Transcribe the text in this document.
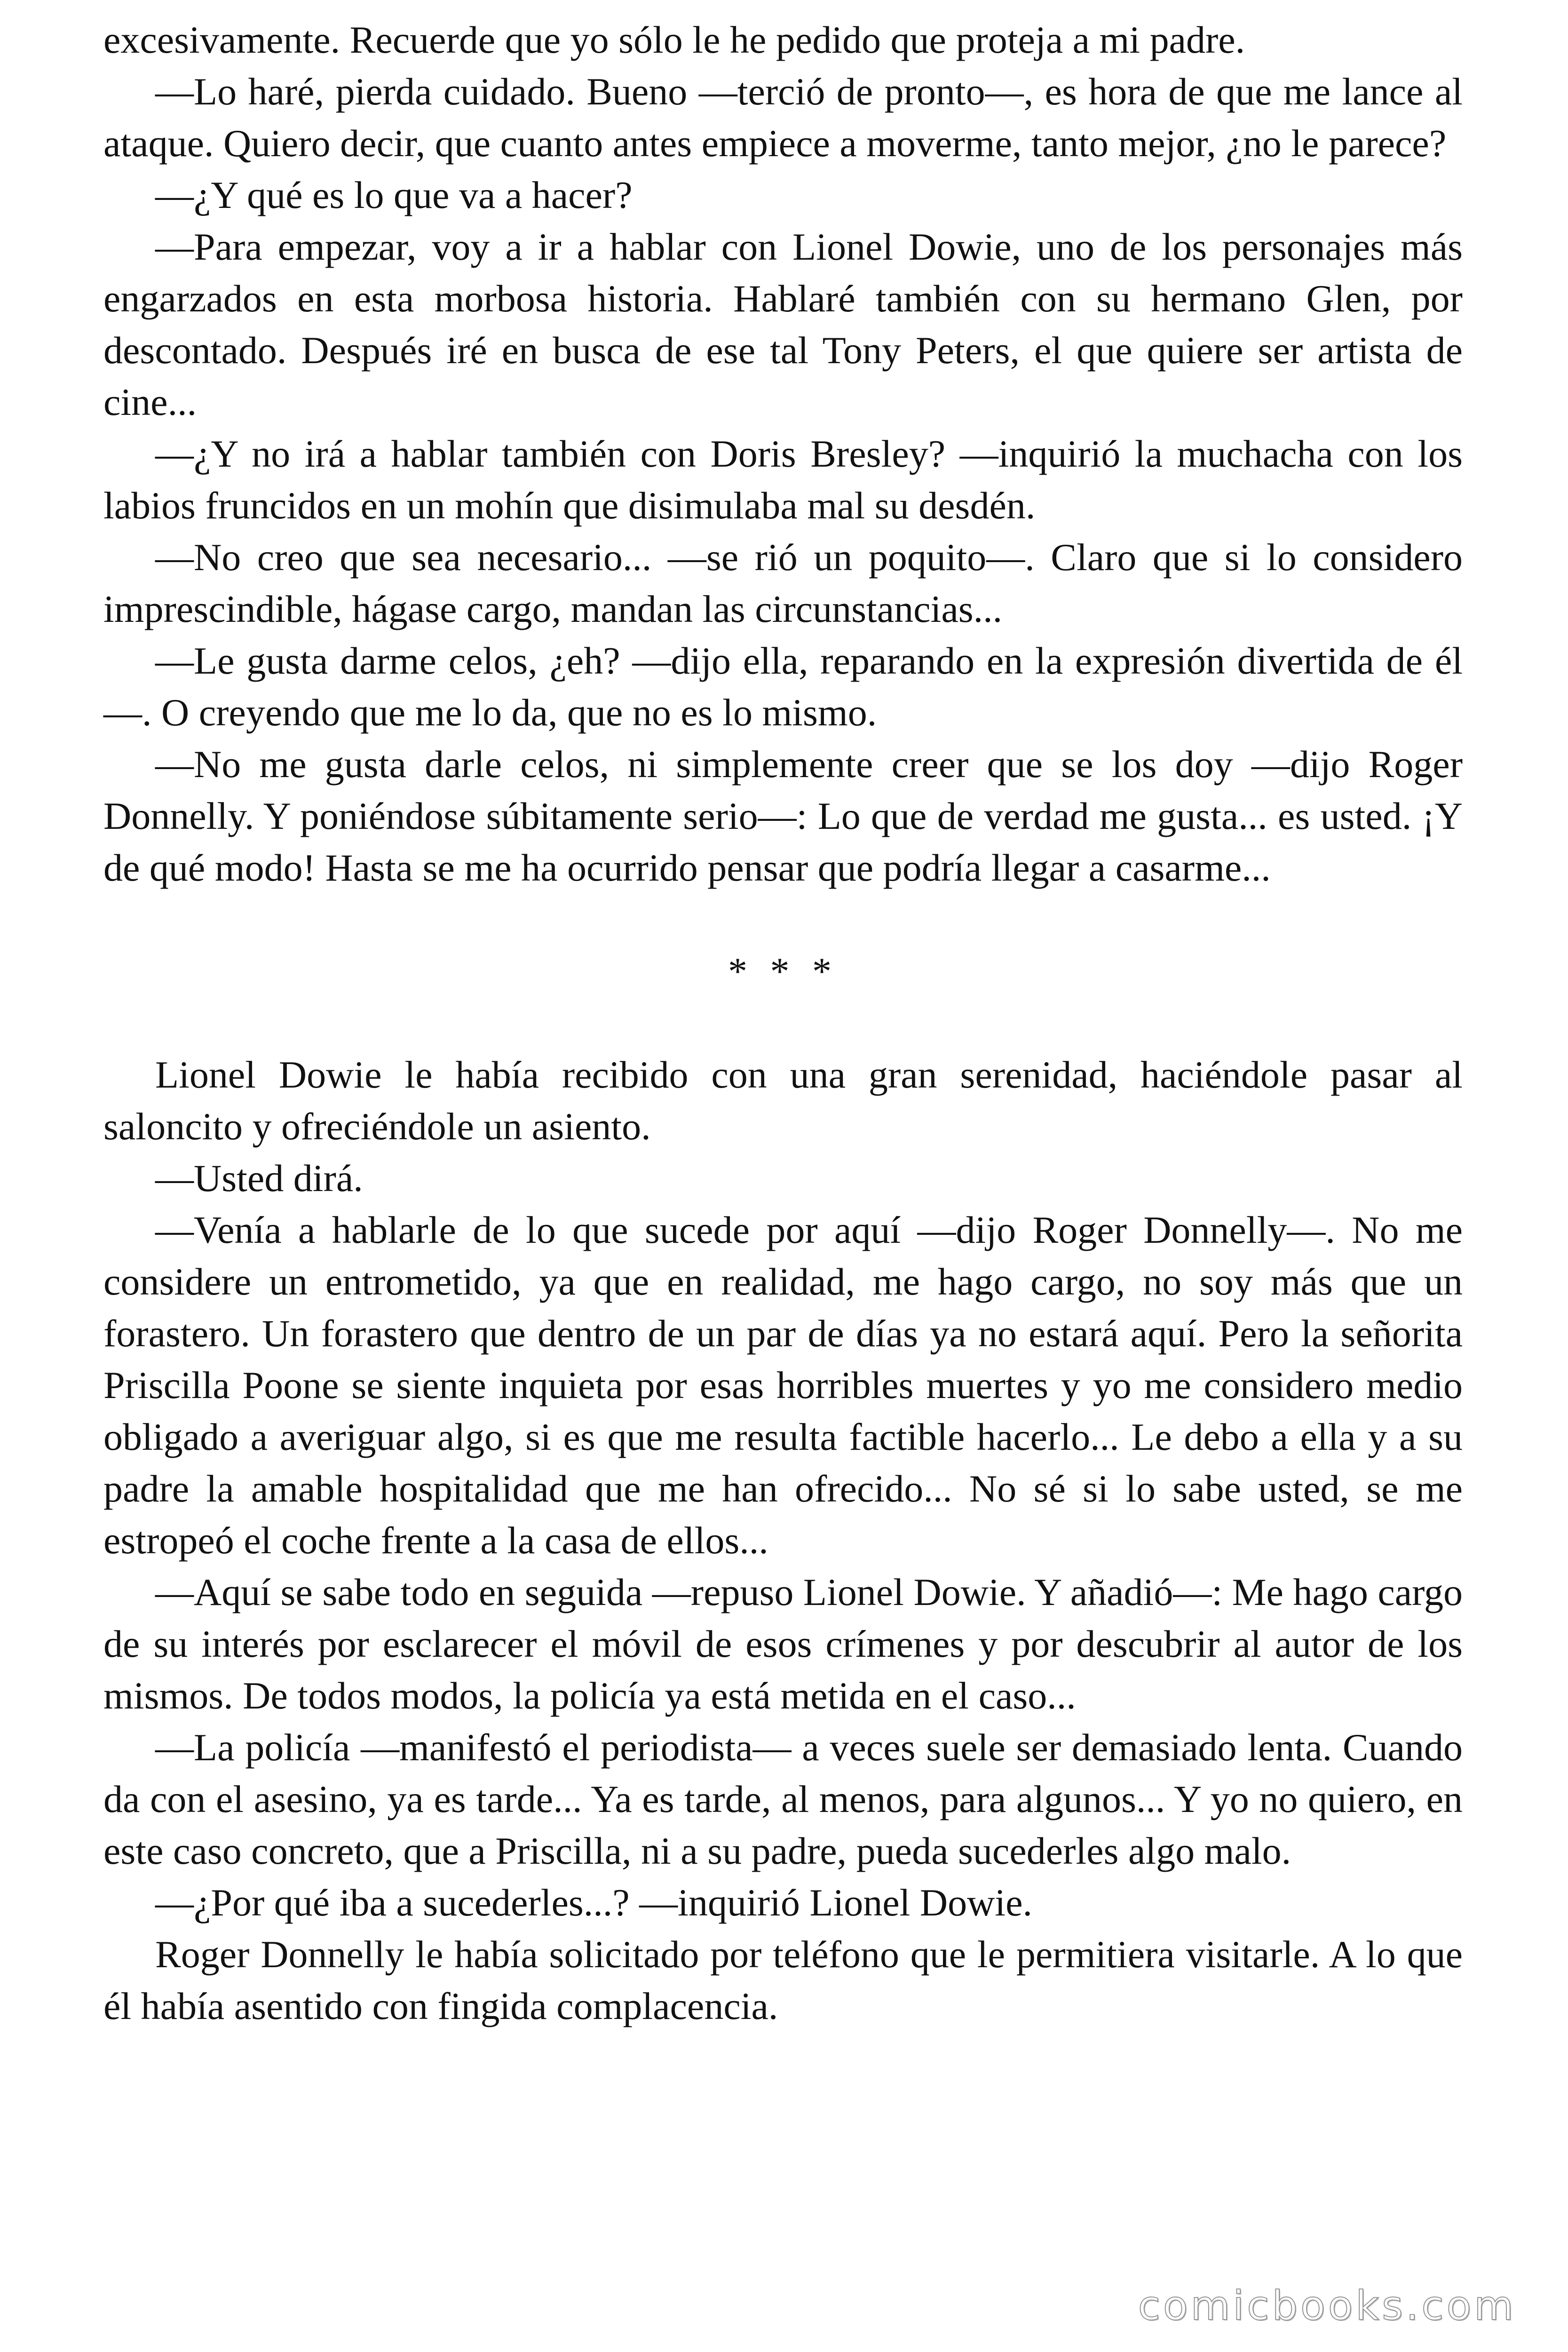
excesivamente. Recuerde que yo sólo le he pedido que proteja a mi padre.

—Lo haré, pierda cuidado. Bueno —terció de pronto—, es hora de que me lance al ataque. Quiero decir, que cuanto antes empiece a moverme, tanto mejor, ¿no le parece?

—¿Y qué es lo que va a hacer?

—Para empezar, voy a ir a hablar con Lionel Dowie, uno de los personajes más engarzados en esta morbosa historia. Hablaré también con su hermano Glen, por descontado. Después iré en busca de ese tal Tony Peters, el que quiere ser artista de cine...

—¿Y no irá a hablar también con Doris Bresley? —inquirió la muchacha con los labios fruncidos en un mohín que disimulaba mal su desdén.

—No creo que sea necesario... —se rió un poquito—. Claro que si lo considero imprescindible, hágase cargo, mandan las circunstancias...

—Le gusta darme celos, ¿eh? —dijo ella, reparando en la expresión divertida de él—. O creyendo que me lo da, que no es lo mismo.

—No me gusta darle celos, ni simplemente creer que se los doy —dijo Roger Donnelly. Y poniéndose súbitamente serio—: Lo que de verdad me gusta... es usted. ¡Y de qué modo! Hasta se me ha ocurrido pensar que podría llegar a casarme...

* * *

Lionel Dowie le había recibido con una gran serenidad, haciéndole pasar al saloncito y ofreciéndole un asiento.

—Usted dirá.

—Venía a hablarle de lo que sucede por aquí —dijo Roger Donnelly—. No me considere un entrometido, ya que en realidad, me hago cargo, no soy más que un forastero. Un forastero que dentro de un par de días ya no estará aquí. Pero la señorita Priscilla Poone se siente inquieta por esas horribles muertes y yo me considero medio obligado a averiguar algo, si es que me resulta factible hacerlo... Le debo a ella y a su padre la amable hospitalidad que me han ofrecido... No sé si lo sabe usted, se me estropeó el coche frente a la casa de ellos...

—Aquí se sabe todo en seguida —repuso Lionel Dowie. Y añadió—: Me hago cargo de su interés por esclarecer el móvil de esos crímenes y por descubrir al autor de los mismos. De todos modos, la policía ya está metida en el caso...

—La policía —manifestó el periodista— a veces suele ser demasiado lenta. Cuando da con el asesino, ya es tarde... Ya es tarde, al menos, para algunos... Y yo no quiero, en este caso concreto, que a Priscilla, ni a su padre, pueda sucederles algo malo.

—¿Por qué iba a sucederles...? —inquirió Lionel Dowie.

Roger Donnelly le había solicitado por teléfono que le permitiera visitarle. A lo que él había asentido con fingida complacencia.

comicbooks.com
